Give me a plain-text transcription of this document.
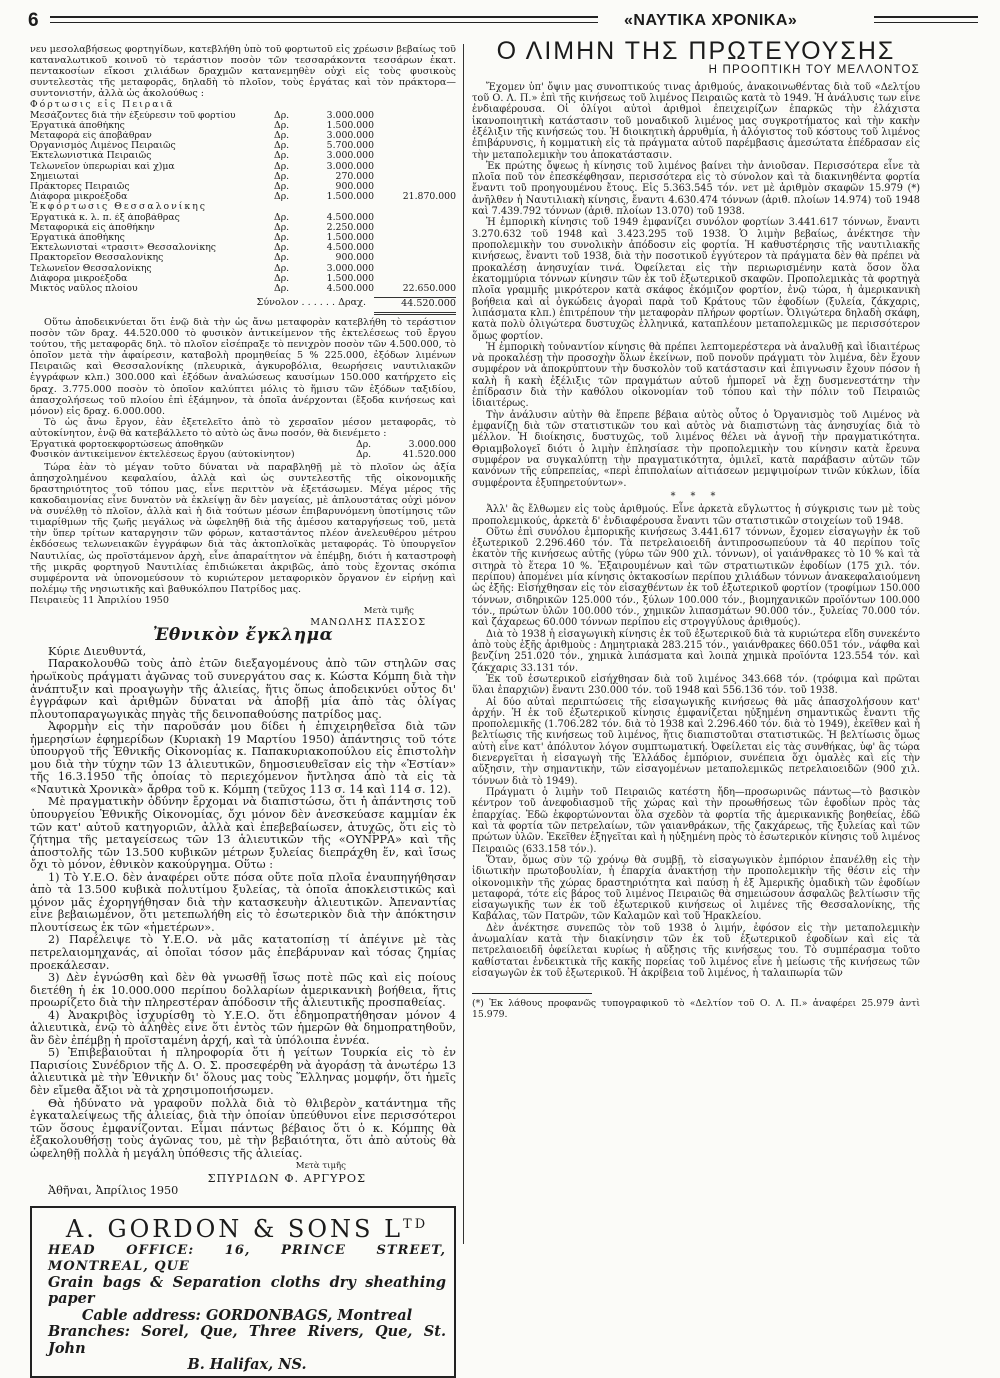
6	«ΝΑΥΤΙΚΑ ΧΡΟΝΙΚΑ»

νευ μεσολαβήσεως φορτηγίδων, κατεβλήθη ὑπὸ τοῦ φορτωτοῦ εἰς χρέωσιν βεβαίως τοῦ καταναλωτικοῦ κοινοῦ τὸ τεράστιον ποσὸν τῶν τεσσαράκοντα τεσσάρων ἑκατ. πεντακοσίων εἴκοσι χιλιάδων δραχμῶν κατανεμηθὲν οὐχὶ εἰς τοὺς φυσικοὺς συντελεστὰς τῆς μεταφορᾶς, δηλαδὴ τὸ πλοῖον, τοὺς ἐργάτας καὶ τὸν πράκτορα—συντονιστήν, ἀλλὰ ὡς ἀκολούθως :

Φόρτωσις εἰς Πειραιᾶ
Μεσάζοντες διὰ τὴν ἐξεύρεσιν τοῦ φορτίου	Δρ.	3.000.000
Ἐργατικὰ ἀποθήκης	Δρ.	1.500.000
Μεταφορὰ εἰς ἀποβάθραν	Δρ.	3.000.000
Ὀργανισμὸς Λιμένος Πειραιῶς	Δρ.	5.700.000
Ἐκτελωνιστικὰ Πειραιῶς	Δρ.	3.000.000
Τελωνεῖον ὑπερωρίαι καὶ χ)μα	Δρ.	3.000.000
Σημειωταὶ	Δρ.	270.000
Πράκτορες Πειραιῶς	Δρ.	900.000
Διάφορα μικροέξοδα	Δρ.	1.500.000	21.870.000
Ἐκφόρτωσις Θεσσαλονίκης
Ἐργατικὰ κ. λ. π. ἐξ ἀποβάθρας	Δρ.	4.500.000
Μεταφορικὰ εἰς ἀποθήκην	Δρ.	2.250.000
Ἐργατικὰ ἀποθήκης	Δρ.	1.500.000
Ἐκτελωνισταὶ «τρασιτ» Θεσσαλονίκης	Δρ.	4.500.000
Πρακτορεῖον Θεσσαλονίκης	Δρ.	900.000
Τελωνεῖον Θεσσαλονίκης	Δρ.	3.000.000
Διάφορα μικροέξοδα	Δρ.	1.500.000
Μικτὸς ναῦλος πλοίου	Δρ.	4.500.000	22.650.000
Σύνολον . . . . . . Δραχ.	44.520.000

Οὕτω ἀποδεικνύεται ὅτι ἐνῷ διὰ τὴν ὡς ἄνω μεταφορὰν κατεβλήθη τὸ τεράστιον ποσὸν τῶν δραχ. 44.520.000 τὸ φυσικὸν ἀντικείμενον τῆς ἐκτελέσεως τοῦ ἔργου τούτου, τῆς μεταφορᾶς δηλ. τὸ πλοῖον εἰσέπραξε τὸ πενιχρὸν ποσὸν τῶν 4.500.000, τὸ ὁποῖον μετὰ τὴν ἀφαίρεσιν, καταβολὴ προμηθείας 5 % 225.000, ἐξόδων λιμένων Πειραιῶς καὶ Θεσσαλονίκης (πλευρικὰ, ἀγκυροβόλια, θεωρήσεις ναυτιλιακῶν ἐγγράφων κλπ.) 300.000 καὶ ἐξόδων ἀναλώσεως καυσίμων 150.000 κατήρχετο εἰς δραχ. 3.775.000 ποσὸν τὸ ὁποῖον καλύπτει μόλις τὸ ἥμισυ τῶν ἐξόδων ταξιδίου, ἀπασχολήσεως τοῦ πλοίου ἐπὶ ἑξάμηνον, τὰ ὁποῖα ἀνέρχονται (ἔξοδα κινήσεως καὶ μόνον) εἰς δραχ. 6.000.000.

Τὸ ὡς ἄνω ἔργον, ἐὰν ἐξετελεῖτο ἀπὸ τὸ χερσαῖον μέσον μεταφορᾶς, τὸ αὐτοκίνητον, ἐνῷ θὰ κατεβάλλετο τὸ αὐτὸ ὡς ἄνω ποσόν, θὰ διενέμετο :

Ἐργατικὰ φορτοεκφορτώσεως ἀποθηκῶν	Δρ.	3.000.000
Φυσικὸν ἀντικείμενον ἐκτελέσεως ἔργου (αὐτοκίνητον)	Δρ.	41.520.000

Τώρα ἐὰν τὸ μέγαν τοῦτο δύναται νὰ παραβληθῇ μὲ τὸ πλοῖον ὡς ἀξία ἀπησχολημένου κεφαλαίου, ἀλλὰ καὶ ὡς συντελεστῆς τῆς οἰκονομικῆς δραστηριότητος τοῦ τόπου μας, εἶνε περιττὸν νὰ ἐξετάσωμεν. Μέγα μέρος τῆς κακοδαιμονίας εἶνε δυνατὸν νὰ ἐκλείψῃ ἂν δὲν μαγείας, μὲ ἀπλουστάτας οὐχὶ μόνον νὰ συνέλθῃ τὸ πλοῖον, ἀλλὰ καὶ ἡ διὰ τούτων μέσων ἐπιβαρυνόμενη ὑποτίμησις τῶν τιμαρίθμων τῆς ζωῆς μεγάλως νὰ ὠφεληθῇ διὰ τῆς ἀμέσου καταργήσεως τοῦ, μετὰ τὴν ὕπερ τρίτων καταργησιν τῶν φόρων, καταστάντος πλέον ἀνελευθέρου μέτρου ἐκδόσεως τελωνειακῶν ἐγγράφων διὰ τὰς ἀκτοπλοϊκὰς μεταφοράς. Τὸ ὑπουργεῖον Ναυτιλίας, ὡς προϊστάμενον ἀρχὴ, εἶνε ἀπαραίτητον νὰ ἐπέμβῃ, διότι ἡ καταστροφὴ τῆς μικρᾶς φορτηγοῦ Ναυτιλίας ἐπιδιώκεται ἀκριβῶς, ἀπὸ τοὺς ἔχοντας σκόπια συμφέροντα νὰ ὑπονομεύσουν τὸ κυριώτερον μεταφορικὸν ὄργανον ἐν εἰρήνῃ καὶ πολέμῳ τῆς νησιωτικῆς καὶ βαθυκόλπου Πατρίδος μας.

Πειραιεὺς 11 Ἀπριλίου 1950

Μετὰ τιμῆς
ΜΑΝΩΛΗΣ ΠΑΣΣΟΣ
Ἐθνικὸν ἔγκλημα

Κύριε Διευθυντά,

Παρακολουθῶ τοὺς ἀπὸ ἐτῶν διεξαγομένους ἀπὸ τῶν στηλῶν σας ἡρωϊκοὺς πράγματι ἀγῶνας τοῦ συνεργάτου σας κ. Κώστα Κόμπη διὰ τὴν ἀνάπτυξιν καὶ προαγωγὴν τῆς ἁλιείας, ἥτις ὅπως ἀποδεικνύει οὗτος δι' ἐγγράφων καὶ ἀριθμῶν δύναται νὰ ἀποβῇ μία ἀπὸ τὰς ὀλίγας πλουτοπαραγωγικὰς πηγὰς τῆς δεινοπαθούσης πατρίδος μας.

Ἀφορμὴν εἰς τὴν παροῦσάν μου δίδει ἡ ἐπιχειρηθεῖσα διὰ τῶν ἡμερησίων ἐφημερίδων (Κυριακὴ 19 Μαρτίου 1950) ἀπάντησις τοῦ τότε ὑπουργοῦ τῆς Ἐθνικῆς Οἰκονομίας κ. Παπακυριακοπούλου εἰς ἐπιστολὴν μου διὰ τὴν τύχην τῶν 13 ἁλιευτικῶν, δημοσιευθεῖσαν εἰς τὴν «Ἑστίαν» τῆς 16.3.1950 τῆς ὁποίας τὸ περιεχόμενον ἤντλησα ἀπὸ τὰ εἰς τὰ «Ναυτικὰ Χρονικὰ» ἄρθρα τοῦ κ. Κόμπη (τεῦχος 113 σ. 14 καὶ 114 σ. 12).

Μὲ πραγματικὴν ὀδύνην ἔρχομαι νὰ διαπιστώσω, ὅτι ἡ ἀπάντησις τοῦ ὑπουργείου Ἐθνικῆς Οἰκονομίας, ὄχι μόνον δὲν ἀνεσκεύασε καμμίαν ἐκ τῶν κατ' αὐτοῦ κατηγοριῶν, ἀλλὰ καὶ ἐπεβεβαίωσεν, ἀτυχῶς, ὅτι εἰς τὸ ζήτημα τῆς μεταγείσεως τῶν 13 ἁλιευτικῶν τῆς «ΟΥΝΡΡΑ» καὶ τῆς ἀποστολῆς τῶν 13.500 κυβικῶν μέτρων ξυλείας διεπράχθη ἕν, καὶ ἴσως ὄχι τὸ μόνον, ἐθνικὸν κακούργημα. Οὕτω :

1) Τὸ Υ.Ε.Ο. δὲν ἀναφέρει οὔτε πόσα οὔτε ποῖα πλοῖα ἐναυπηγήθησαν ἀπὸ τὰ 13.500 κυβικὰ πολυτίμου ξυλείας, τὰ ὁποῖα ἀποκλειστικῶς καὶ μόνον μᾶς ἐχορηγήθησαν διὰ τὴν κατασκευὴν ἁλιευτικῶν. Ἀπεναντίας εἶνε βεβαιωμένον, ὅτι μετεπωλήθη εἰς τὸ ἐσωτερικὸν διὰ τὴν ἀπόκτησιν πλουτίσεως ἐκ τῶν «ἡμετέρων».

2) Παρέλειψε τὸ Υ.Ε.Ο. νὰ μᾶς κατατοπίσῃ τί ἀπέγινε μὲ τὰς πετρελαιομηχανάς, αἱ ὁποῖαι τόσον μᾶς ἐπεβάρυναν καὶ τόσας ζημίας προεκάλεσαν.

3) Δὲν ἐγνώσθη καὶ δὲν θὰ γνωσθῇ ἴσως ποτὲ πῶς καὶ εἰς ποίους διετέθη ἡ ἐκ 10.000.000 περίπου δολλαρίων ἀμερικανικὴ βοήθεια, ἥτις προωρίζετο διὰ τὴν πληρεστέραν ἀπόδοσιν τῆς ἁλιευτικῆς προσπαθείας.

4) Ἀνακριβὸς ἰσχυρίσθη τὸ Υ.Ε.Ο. ὅτι ἐδημοπρατήθησαν μόνον 4 ἁλιευτικὰ, ἐνῷ τὸ ἀληθὲς εἶνε ὅτι ἐντὸς τῶν ἡμερῶν θὰ δημοπρατηθοῦν, ἂν δὲν ἐπέμβῃ ἡ προϊσταμένη ἀρχή, καὶ τὰ ὑπόλοιπα ἐννέα.

5) Ἐπιβεβαιοῦται ἡ πληροφορία ὅτι ἡ γείτων Τουρκία εἰς τὸ ἐν Παρισίοις Συνέδριον τῆς Δ. Ο. Σ. προσεφέρθη νὰ ἀγοράσῃ τὰ ἀνωτέρω 13 ἁλιευτικὰ μὲ τὴν Ἐθνικὴν δι' ὅλους μας τοὺς Ἕλληνας μομφήν, ὅτι ἡμεῖς δὲν εἴμεθα ἄξιοι νὰ τὰ χρησιμοποιήσωμεν.

Θὰ ἠδύνατο νὰ γραφοῦν πολλὰ διὰ τὸ θλιβερὸν κατάντημα τῆς ἐγκαταλείψεως τῆς ἁλιείας, διὰ τὴν ὁποίαν ὑπεύθυνοι εἶνε περισσότεροι τῶν ὅσους ἐμφανίζονται. Εἶμαι πάντως βέβαιος ὅτι ὁ κ. Κόμπης θὰ ἐξακολουθήσῃ τοὺς ἀγῶνας του, μὲ τὴν βεβαιότητα, ὅτι ἀπὸ αὐτοὺς θὰ ὠφεληθῇ πολλὰ ἡ μεγάλη ὑπόθεσις τῆς ἁλιείας.

Μετὰ τιμῆς
ΣΠΥΡΙΔΩΝ Φ. ΑΡΓΥΡΟΣ

Ἀθῆναι, Ἀπρίλιος 1950

A. GORDON & SONS $L^{TD}$
HEAD OFFICE: 16, PRINCE STREET, MONTREAL, QUE
Grain bags & Separation cloths dry sheathing paper
Cable address: GORDONBAGS, Montreal
Branches: Sorel, Que, Three Rivers, Que, St. John
B. Halifax, NS.
Ο ΛΙΜΗΝ ΤΗΣ ΠΡΩΤΕΥΟΥΣΗΣ
Η ΠΡΟΟΠΤΙΚΗ ΤΟΥ ΜΕΛΛΟΝΤΟΣ

Ἔχομεν ὑπ' ὄψιν μας συνοπτικούς τινας ἀριθμούς, ἀνακοινωθέντας διὰ τοῦ «Δελτίου τοῦ Ο. Λ. Π.» ἐπὶ τῆς κινήσεως τοῦ λιμένος Πειραιῶς κατὰ τὸ 1949. Ἡ ἀνάλυσις των εἶνε ἐνδιαφέρουσα. Οἱ ὀλίγοι αὐτοὶ ἀριθμοὶ ἐπειχειρίζων ἐπαρκῶς τὴν ἐλάχιστα ἱκανοποιητικὴ κατάστασιν τοῦ μοναδικοῦ λιμένος μας συγκροτήματος καὶ τὴν κακὴν ἐξέλιξιν τῆς κινήσεώς του. Ἡ διοικητικὴ ἀρρυθμία, ἡ ἀλόγιστος τοῦ κόστους τοῦ λιμένος ἐπιβάρυνσις, ἡ κομματικὴ εἰς τὰ πράγματα αὐτοῦ παρέμβασις ἀμεσώτατα ἐπέδρασαν εἰς τὴν μεταπολεμικὴν του ἀποκατάστασιν.

Ἐκ πρώτης ὄψεως ἡ κίνησις τοῦ λιμένος βαίνει τὴν ἀνιοῦσαν. Περισσότερα εἶνε τὰ πλοῖα ποῦ τὸν ἐπεσκέφθησαν, περισσότερα εἰς τὸ σύνολον καὶ τὰ διακινηθέντα φορτία ἔναντι τοῦ προηγουμένου ἔτους. Εἰς 5.363.545 τόν. νετ μὲ ἀριθμὸν σκαφῶν 15.979 (*) ἀνῆλθεν ἡ Ναυτιλιακὴ κίνησις, ἔναντι 4.630.474 τόννων (ἀριθ. πλοίων 14.974) τοῦ 1948 καὶ 7.439.792 τόννων (ἀριθ. πλοίων 13.070) τοῦ 1938.

Ἡ ἐμπορικὴ κίνησις τοῦ 1949 ἐμφανίζει συνόλον φορτίων 3.441.617 τόννων, ἔναντι 3.270.632 τοῦ 1948 καὶ 3.423.295 τοῦ 1938. Ὁ λιμὴν βεβαίως, ἀνέκτησε τὴν προπολεμικὴν του συνολικὴν ἀπόδοσιν εἰς φορτία. Ἡ καθυστέρησις τῆς ναυτιλιακῆς κινήσεως, ἔναντι τοῦ 1938, διὰ τὴν ποσοτικοῦ ἐγγύτερον τὰ πράγματα δὲν θὰ πρέπει νὰ προκαλέσῃ ἀνησυχίαν τινά. Ὀφείλεται εἰς τὴν περιωρισμένην κατὰ ὅσον ὅλα ἑκατομμύρια τόννων κίνησιν τῶν ἐκ τοῦ ἐξωτερικοῦ σκαφῶν. Προπολεμικὰς τὰ φορτηγὰ πλοῖα γραμμῆς μικρότερον κατὰ σκάφος ἐκόμιζον φορτίον, ἐνῷ τώρα, ἡ ἀμερικανικὴ βοήθεια καὶ αἱ ὀγκώδεις ἀγοραὶ παρὰ τοῦ Κράτους τῶν ἐφοδίων (ξυλεία, ζάκχαρις, λιπάσματα κλπ.) ἐπιτρέπουν τὴν μεταφορὰν πλήρων φορτίων. Ὀλιγώτερα δηλαδὴ σκάφη, κατὰ πολὺ ὀλιγώτερα δυστυχῶς ἑλληνικά, καταπλέουν μεταπολεμικῶς με περισσότερον ὅμως φορτίον.

Ἡ ἐμπορικὴ τοὐναντίον κίνησις θὰ πρέπει λεπτομερέστερα νὰ ἀναλυθῇ καὶ ἰδιαιτέρως νὰ προκαλέσῃ τὴν προσοχὴν ὅλων ἐκείνων, ποῦ πονοῦν πράγματι τὸν λιμένα, δὲν ἔχουν συμφέρον νὰ ἀποκρύπτουν τὴν δυσκολὸν τοῦ κατάστασιν καὶ ἐπιγνωσιν ἔχουν πόσον ἡ καλὴ ἢ κακὴ ἐξέλιξις τῶν πραγμάτων αὐτοῦ ἠμπορεῖ νὰ ἔχῃ δυσμενεστάτην τὴν ἐπίδρασιν διὰ τὴν καθόλου οἰκονομίαν τοῦ τόπου καὶ τὴν πόλιν τοῦ Πειραιῶς ἰδιαιτέρως.

Τὴν ἀνάλυσιν αὐτὴν θὰ ἔπρεπε βέβαια αὐτὸς οὗτος ὁ Ὀργανισμὸς τοῦ Λιμένος νὰ ἐμφανίζῃ διὰ τῶν στατιστικῶν του καὶ αὐτὸς νὰ διαπιστώνῃ τὰς ἀνησυχίας διὰ τὸ μέλλον. Ἡ διοίκησις, δυστυχῶς, τοῦ λιμένος θέλει νὰ ἀγνοῇ τὴν πραγματικότητα. Θριαμβολογεῖ διότι ὁ λιμὴν ἐπλησίασε τὴν προπολεμικὴν του κίνησιν κατὰ ἔρευνα συμφέρον να συγκαλύπτῃ τὴν πραγματικότητα, ὁμιλεῖ, κατὰ παράβασιν αὐτῶν τῶν κανόνων τῆς εὐπρεπείας, «περὶ ἐπιπολαίων αἰτιάσεων μεμψιμοίρων τινῶν κύκλων, ἰδία συμφέροντα ἐξυπηρετούντων».

* * *

Ἀλλ' ἂς ἔλθωμεν εἰς τοὺς ἀριθμούς. Εἶνε ἀρκετὰ εὔγλωττος ἡ σύγκρισις των μὲ τοὺς προπολεμικούς, ἀρκετὰ δ' ἐνδιαφέρουσα ἔναντι τῶν στατιστικῶν στοιχείων τοῦ 1948.

Οὕτω ἐπὶ συνόλου ἐμπορικῆς κινήσεως 3.441.617 τόννων, ἔχομεν εἰσαγωγὴν ἐκ τοῦ ἐξωτερικοῦ 2.296.460 τόν. Τὰ πετρελαιοειδῆ ἀντιπροσωπεύουν τὰ 40 περίπου τοῖς ἑκατὸν τῆς κινήσεως αὐτῆς (γύρω τῶν 900 χιλ. τόννων), οἱ γαιάνθρακες τὸ 10 % καὶ τὰ σιτηρὰ τὸ ἕτερα 10 %. Ἐξαιρουμένων καὶ τῶν στρατιωτικῶν ἐφοδίων (175 χιλ. τόν. περίπου) ἀπομένει μία κίνησις ὀκτακοσίων περίπου χιλιάδων τόννων ἀνακεφαλαιούμενη ὡς ἐξῆς: Εἰσήχθησαν εἰς τὸν εἰσαχθέντων ἐκ τοῦ ἐξωτερικοῦ φορτίον (τροφίμων 150.000 τόννων, σιδηρικῶν 125.000 τόν., ξύλων 100.000 τόν., βιομηχανικῶν προϊόντων 100.000 τόν., πρώτων ὑλῶν 100.000 τόν., χημικῶν λιπασμάτων 90.000 τόν., ξυλείας 70.000 τόν. καὶ ζάχαρεως 60.000 τόννων περίπου εἰς στρογγύλους ἀριθμούς).

Διὰ τὸ 1938 ἡ εἰσαγωγικὴ κίνησις ἐκ τοῦ ἐξωτερικοῦ διὰ τὰ κυριώτερα εἴδη συνεκέντο ἀπὸ τοὺς ἑξῆς ἀριθμοὺς : Δημητριακὰ 283.215 τόν., γαιάνθρακες 660.051 τόν., νάφθα καὶ βενζίνη 251.020 τόν., χημικὰ λιπάσματα καὶ λοιπὰ χημικὰ προϊόντα 123.554 τόν. καὶ ζάκχαρις 33.131 τόν.

Ἐκ τοῦ ἐσωτερικοῦ εἰσήχθησαν διὰ τοῦ λιμένος 343.668 τόν. (τρόφιμα καὶ πρῶται ὕλαι ἐπαρχιῶν) ἔναντι 230.000 τόν. τοῦ 1948 καὶ 556.136 τόν. τοῦ 1938.

Αἱ δύο αὐταὶ περιπτώσεις τῆς εἰσαγωγικῆς κινήσεως θὰ μᾶς ἀπασχολήσουν κατ' ἀρχήν. Ἡ ἐκ τοῦ ἐξωτερικοῦ κίνησις ἐμφανίζεται ηὐξημένη σημαντικῶς ἔναντι τῆς προπολεμικῆς (1.706.282 τόν. διὰ τὸ 1938 καὶ 2.296.460 τόν. διὰ τὸ 1949), ἐκεῖθεν καὶ ἡ βελτίωσις τῆς κινήσεως τοῦ λιμένος, ἥτις διαπιστοῦται στατιστικῶς. Ἡ βελτίωσις ὅμως αὐτὴ εἶνε κατ' ἀπόλυτον λόγον συμπτωματική. Ὀφείλεται εἰς τὰς συνθήκας, ὑφ' ἃς τώρα διενεργεῖται ἡ εἰσαγωγὴ τῆς Ἑλλάδος ἐμπόριον, συνέπεια ὅχι ὁμαλὲς καὶ εἰς τὴν αὔξησιν, τὴν σημαντικὴν, τῶν εἰσαγομένων μεταπολεμικῶς πετρελαιοειδῶν (900 χιλ. τόννων διὰ τὸ 1949).

Πράγματι ὁ λιμὴν τοῦ Πειραιῶς κατέστη ἤδη—προσωρινῶς πάντως—τὸ βασικὸν κέντρον τοῦ ἀνεφοδιασμοῦ τῆς χώρας καὶ τὴν προωθήσεως τῶν ἐφοδίων πρὸς τὰς ἐπαρχίας. Ἐδῶ ἐκφορτώνονται ὅλα σχεδὸν τὰ φορτία τῆς ἀμερικανικῆς βοηθείας, ἐδῶ καὶ τὰ φορτία τῶν πετρελαίων, τῶν γαιανθράκων, τῆς ζακχάρεως, τῆς ξυλείας καὶ τῶν πρώτων ὑλῶν. Ἐκεῖθεν ἐξηγεῖται καὶ ἡ ηὐξημένη πρὸς τὸ ἐσωτερικὸν κίνησις τοῦ λιμένος Πειραιῶς (633.158 τόν.).

Ὅταν, ὅμως σὺν τῷ χρόνῳ θὰ συμβῇ, τὸ εἰσαγωγικὸν ἐμπόριον ἐπανέλθῃ εἰς τὴν ἰδιωτικὴν πρωτοβουλίαν, ἡ ἐπαρχία ἀνακτήσῃ τὴν προπολεμικὴν τῆς θέσιν εἰς τὴν οἰκονομικὴν τῆς χώρας δραστηριότητα καὶ παύσῃ ἡ ἐξ Ἀμερικῆς ὁμαδικὴ τῶν ἐφοδίων μεταφορά, τότε εἰς βάρος τοῦ λιμένος Πειραιῶς θὰ σημειώσουν ἀσφαλῶς βελτίωσιν τῆς εἰσαγωγικῆς των ἐκ τοῦ ἐξωτερικοῦ κινήσεως οἱ λιμένες τῆς Θεσσαλονίκης, τῆς Καβάλας, τῶν Πατρῶν, τῶν Καλαμῶν καὶ τοῦ Ἡρακλείου.

Δὲν ἀνέκτησε συνεπῶς τὸν τοῦ 1938 ὁ λιμήν, ἐφόσον εἰς τὴν μεταπολεμικὴν ἀνωμαλίαν κατὰ τὴν διακίνησιν τῶν ἐκ τοῦ ἐξωτερικοῦ ἐφοδίων καὶ εἰς τὰ πετρελαιοειδῆ ὀφείλεται κυρίως ἡ αὔξησις τῆς κινήσεως του. Τὸ συμπέρασμα τοῦτο καθίσταται ἐνδεικτικὰ τῆς κακῆς πορείας τοῦ λιμένος εἶνε ἡ μείωσις τῆς κινήσεως τῶν εἰσαγωγῶν ἐκ τοῦ ἐξωτερικοῦ. Ἡ ἀκρίβεια τοῦ λιμένος, ἡ ταλαιπωρία τῶν

(*) Ἐκ λάθους προφανῶς τυπογραφικοῦ τὸ «Δελτίον τοῦ Ο. Λ. Π.» ἀναφέρει 25.979 ἀντὶ 15.979.
